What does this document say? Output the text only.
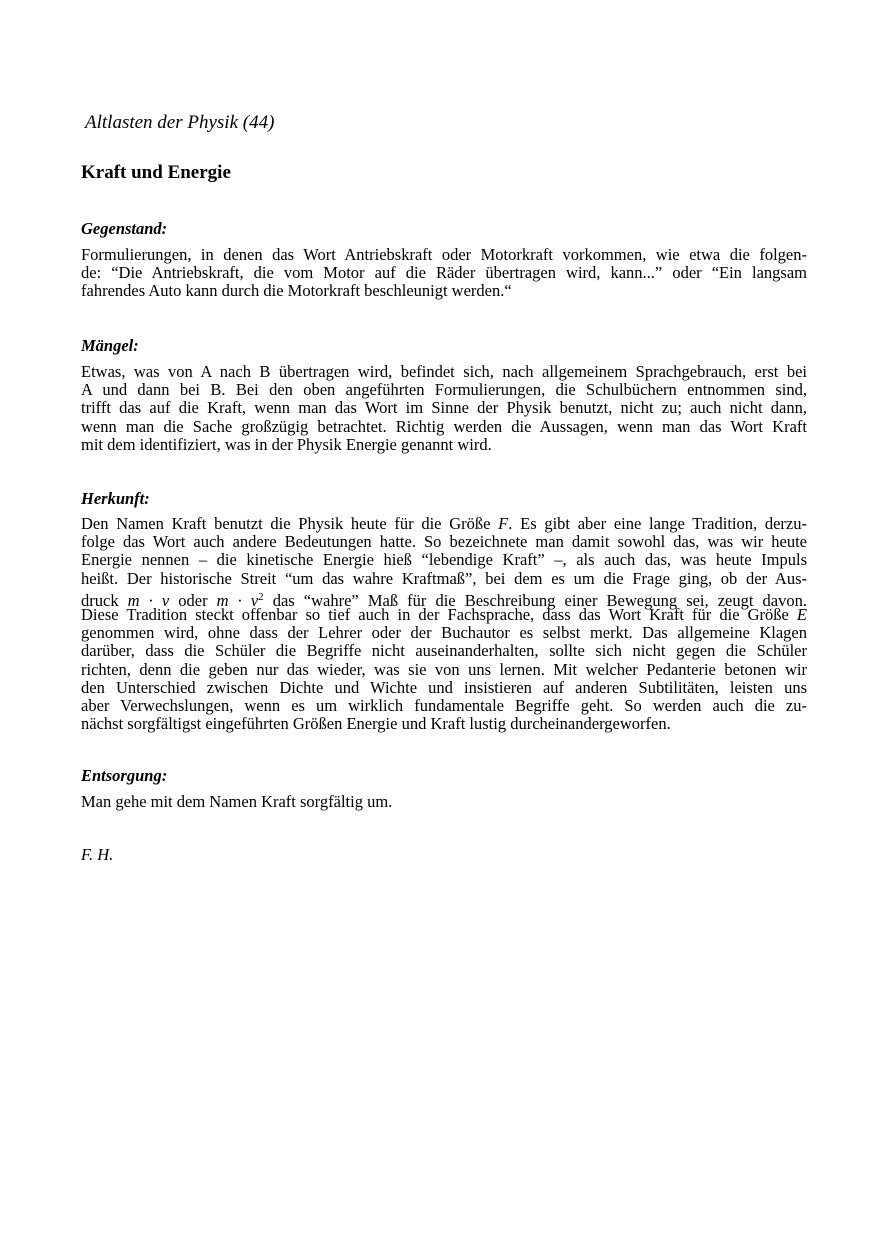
Altlasten der Physik (44)
Kraft und Energie
Gegenstand:
Formulierungen, in denen das Wort Antriebskraft oder Motorkraft vorkommen, wie etwa die folgen-
de: “Die Antriebskraft, die vom Motor auf die Räder übertragen wird, kann...” oder “Ein langsam
fahrendes Auto kann durch die Motorkraft beschleunigt werden.“
Mängel:
Etwas, was von A nach B übertragen wird, befindet sich, nach allgemeinem Sprachgebrauch, erst bei
A und dann bei B. Bei den oben angeführten Formulierungen, die Schulbüchern entnommen sind,
trifft das auf die Kraft, wenn man das Wort im Sinne der Physik benutzt, nicht zu; auch nicht dann,
wenn man die Sache großzügig betrachtet. Richtig werden die Aussagen, wenn man das Wort Kraft
mit dem identifiziert, was in der Physik Energie genannt wird.
Herkunft:
Den Namen Kraft benutzt die Physik heute für die Größe F. Es gibt aber eine lange Tradition, derzu-
folge das Wort auch andere Bedeutungen hatte. So bezeichnete man damit sowohl das, was wir heute
Energie nennen – die kinetische Energie hieß “lebendige Kraft” –, als auch das, was heute Impuls
heißt. Der historische Streit “um das wahre Kraftmaß”, bei dem es um die Frage ging, ob der Aus-
druck m · v oder $m \cdot v^2$ das “wahre” Maß für die Beschreibung einer Bewegung sei, zeugt davon.
Diese Tradition steckt offenbar so tief auch in der Fachsprache, dass das Wort Kraft für die Größe E
genommen wird, ohne dass der Lehrer oder der Buchautor es selbst merkt. Das allgemeine Klagen
darüber, dass die Schüler die Begriffe nicht auseinanderhalten, sollte sich nicht gegen die Schüler
richten, denn die geben nur das wieder, was sie von uns lernen. Mit welcher Pedanterie betonen wir
den Unterschied zwischen Dichte und Wichte und insistieren auf anderen Subtilitäten, leisten uns
aber Verwechslungen, wenn es um wirklich fundamentale Begriffe geht. So werden auch die zu-
nächst sorgfältigst eingeführten Größen Energie und Kraft lustig durcheinandergeworfen.
Entsorgung:
Man gehe mit dem Namen Kraft sorgfältig um.

F. H.
